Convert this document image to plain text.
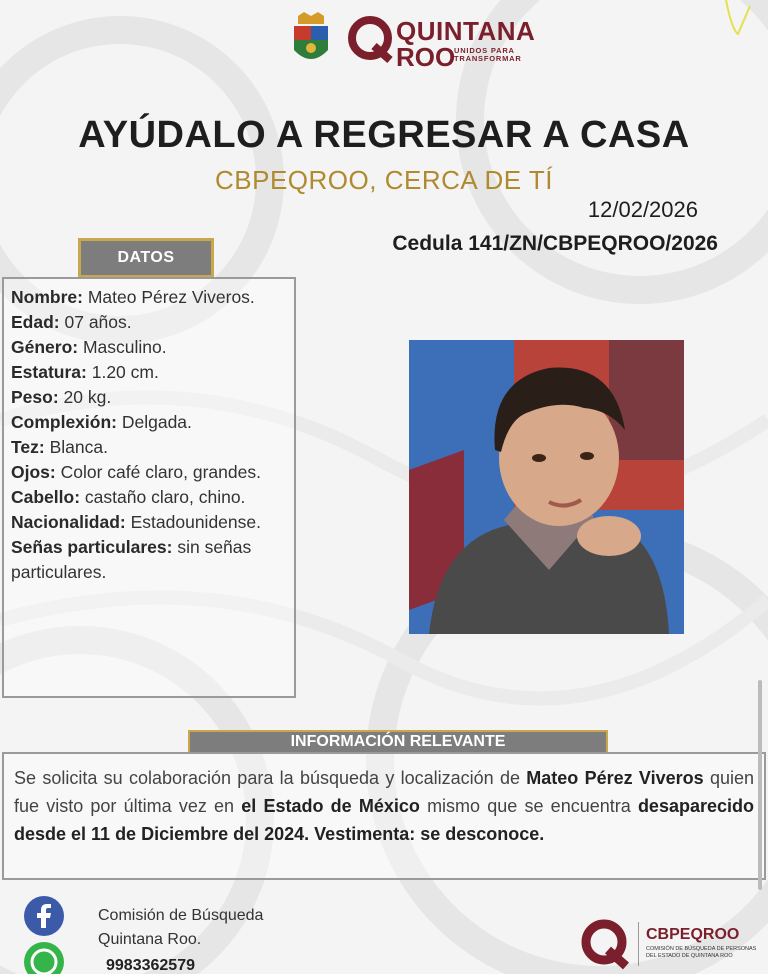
QUINTANA
ROO
UNIDOS PARA TRANSFORMAR
AYÚDALO A REGRESAR A CASA
CBPEQROO, CERCA DE TÍ
12/02/2026
Cedula 141/ZN/CBPEQROO/2026
DATOS
Nombre: Mateo Pérez Viveros.
Edad: 07 años.
Género: Masculino.
Estatura: 1.20 cm.
Peso: 20 kg.
Complexión: Delgada.
Tez: Blanca.
Ojos: Color café claro, grandes.
Cabello: castaño claro, chino.
Nacionalidad: Estadounidense.
Señas particulares: sin señas particulares.
INFORMACIÓN RELEVANTE
Se solicita su colaboración para la búsqueda y localización de Mateo Pérez Viveros quien fue visto por última vez en el Estado de México mismo que se encuentra desaparecido desde el 11 de Diciembre del 2024. Vestimenta: se desconoce.
Comisión de Búsqueda
Quintana Roo.
9983362579
CBPEQROO
COMISIÓN DE BÚSQUEDA DE PERSONAS DEL ESTADO DE QUINTANA ROO
